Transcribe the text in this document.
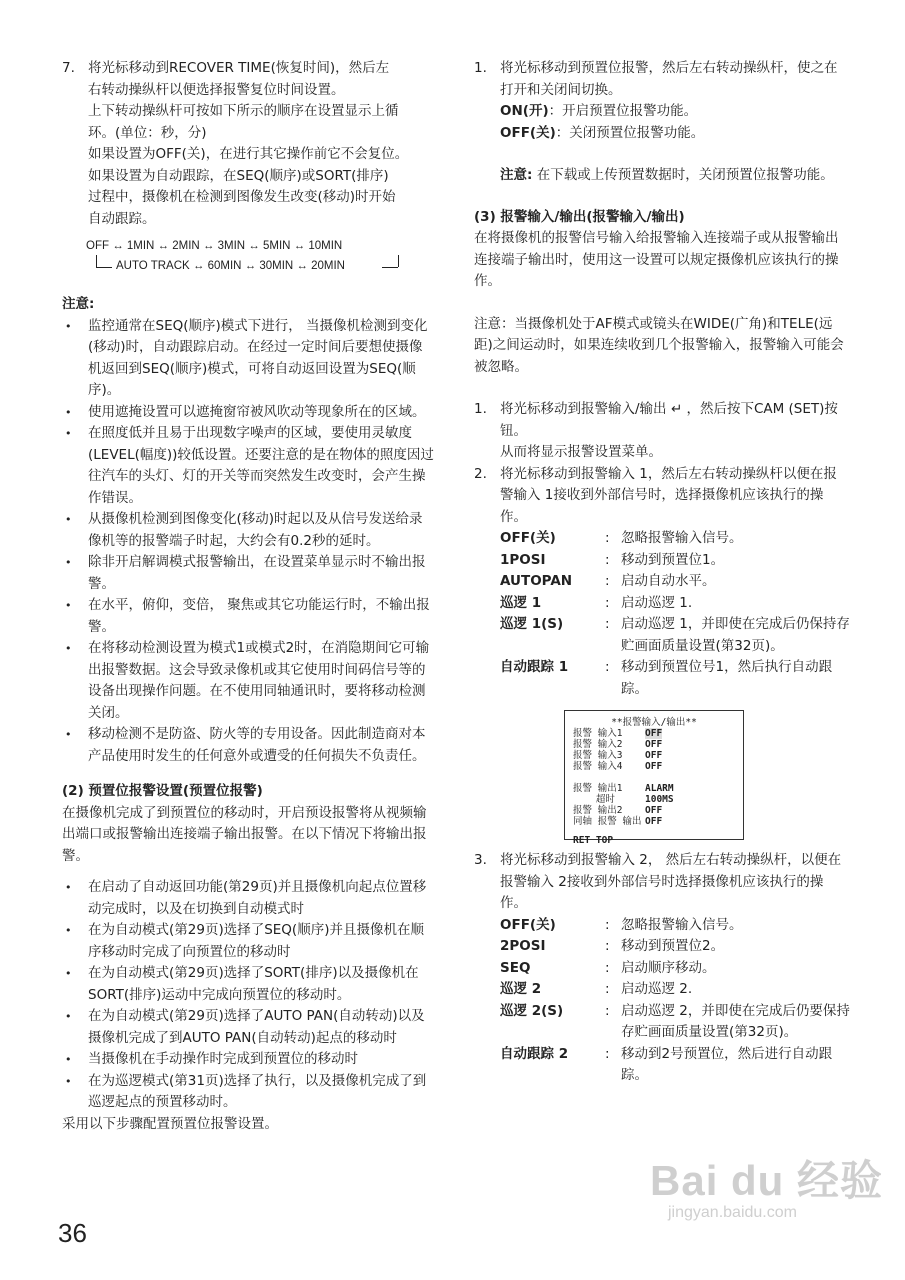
7. 将光标移动到RECOVER TIME(恢复时间)，然后左

右转动操纵杆以便选择报警复位时间设置。

上下转动操纵杆可按如下所示的顺序在设置显示上循

环。(单位：秒，分)

如果设置为OFF(关)，在进行其它操作前它不会复位。

如果设置为自动跟踪，在SEQ(顺序)或SORT(排序)

过程中，摄像机在检测到图像发生改变(移动)时开始

自动跟踪。

OFF ↔ 1MIN ↔ 2MIN ↔ 3MIN ↔ 5MIN ↔ 10MIN
AUTO TRACK ↔ 60MIN ↔ 30MIN ↔ 20MIN
注意:
• 监控通常在SEQ(顺序)模式下进行， 当摄像机检测到变化(移动)时，自动跟踪启动。在经过一定时间后要想使摄像机返回到SEQ(顺序)模式，可将自动返回设置为SEQ(顺序)。
• 使用遮掩设置可以遮掩窗帘被风吹动等现象所在的区域。
• 在照度低并且易于出现数字噪声的区域，要使用灵敏度(LEVEL(幅度))较低设置。还要注意的是在物体的照度因过往汽车的头灯、灯的开关等而突然发生改变时，会产生操作错误。
• 从摄像机检测到图像变化(移动)时起以及从信号发送给录像机等的报警端子时起，大约会有0.2秒的延时。
• 除非开启解调模式报警输出，在设置菜单显示时不输出报警。
• 在水平，俯仰，变倍， 聚焦或其它功能运行时，不输出报警。
• 在将移动检测设置为模式1或模式2时，在消隐期间它可输出报警数据。这会导致录像机或其它使用时间码信号等的设备出现操作问题。在不使用同轴通讯时，要将移动检测关闭。
• 移动检测不是防盗、防火等的专用设备。因此制造商对本产品使用时发生的任何意外或遭受的任何损失不负责任。
(2) 预置位报警设置(预置位报警)

在摄像机完成了到预置位的移动时，开启预设报警将从视频输出端口或报警输出连接端子输出报警。在以下情况下将输出报警。

• 在启动了自动返回功能(第29页)并且摄像机向起点位置移动完成时，以及在切换到自动模式时
• 在为自动模式(第29页)选择了SEQ(顺序)并且摄像机在顺序移动时完成了向预置位的移动时
• 在为自动模式(第29页)选择了SORT(排序)以及摄像机在SORT(排序)运动中完成向预置位的移动时。
• 在为自动模式(第29页)选择了AUTO PAN(自动转动)以及摄像机完成了到AUTO PAN(自动转动)起点的移动时
• 当摄像机在手动操作时完成到预置位的移动时
• 在为巡逻模式(第31页)选择了执行，以及摄像机完成了到巡逻起点的预置移动时。

采用以下步骤配置预置位报警设置。

1. 将光标移动到预置位报警，然后左右转动操纵杆，使之在打开和关闭间切换。

ON(开)：开启预置位报警功能。

OFF(关)：关闭预置位报警功能。

注意: 在下载或上传预置数据时，关闭预置位报警功能。

(3) 报警输入/输出(报警输入/输出)

在将摄像机的报警信号输入给报警输入连接端子或从报警输出连接端子输出时，使用这一设置可以规定摄像机应该执行的操作。

注意：当摄像机处于AF模式或镜头在WIDE(广角)和TELE(远距)之间运动时，如果连续收到几个报警输入，报警输入可能会被忽略。

1. 将光标移动到报警输入/输出 ↵ ，然后按下CAM (SET)按钮。

从而将显示报警设置菜单。

2. 将光标移动到报警输入 1，然后左右转动操纵杆以便在报警输入 1接收到外部信号时，选择摄像机应该执行的操作。

OFF(关)	: 忽略报警输入信号。
1POSI	: 移动到预置位1。
AUTOPAN	: 启动自动水平。
巡逻 1	: 启动巡逻 1.
巡逻 1(S)	: 启动巡逻 1，并即使在完成后仍保持存贮画面质量设置(第32页)。
自动跟踪 1	: 移动到预置位号1，然后执行自动跟踪。
**报警输入/输出**
报警 输入1	OFF
报警 输入2	OFF
报警 输入3	OFF
报警 输入4	OFF
报警 输出1	ALARM
超时	100MS
报警 输出2	OFF
同轴 报警 输出 OFF
RET TOP
3. 将光标移动到报警输入 2， 然后左右转动操纵杆，以便在报警输入 2接收到外部信号时选择摄像机应该执行的操作。

OFF(关)	: 忽略报警输入信号。
2POSI	: 移动到预置位2。
SEQ	: 启动顺序移动。
巡逻 2	: 启动巡逻 2.
巡逻 2(S)	: 启动巡逻 2，并即使在完成后仍要保持存贮画面质量设置(第32页)。
自动跟踪 2	: 移动到2号预置位，然后进行自动跟踪。
36
Bai du 经验
jingyan.baidu.com
